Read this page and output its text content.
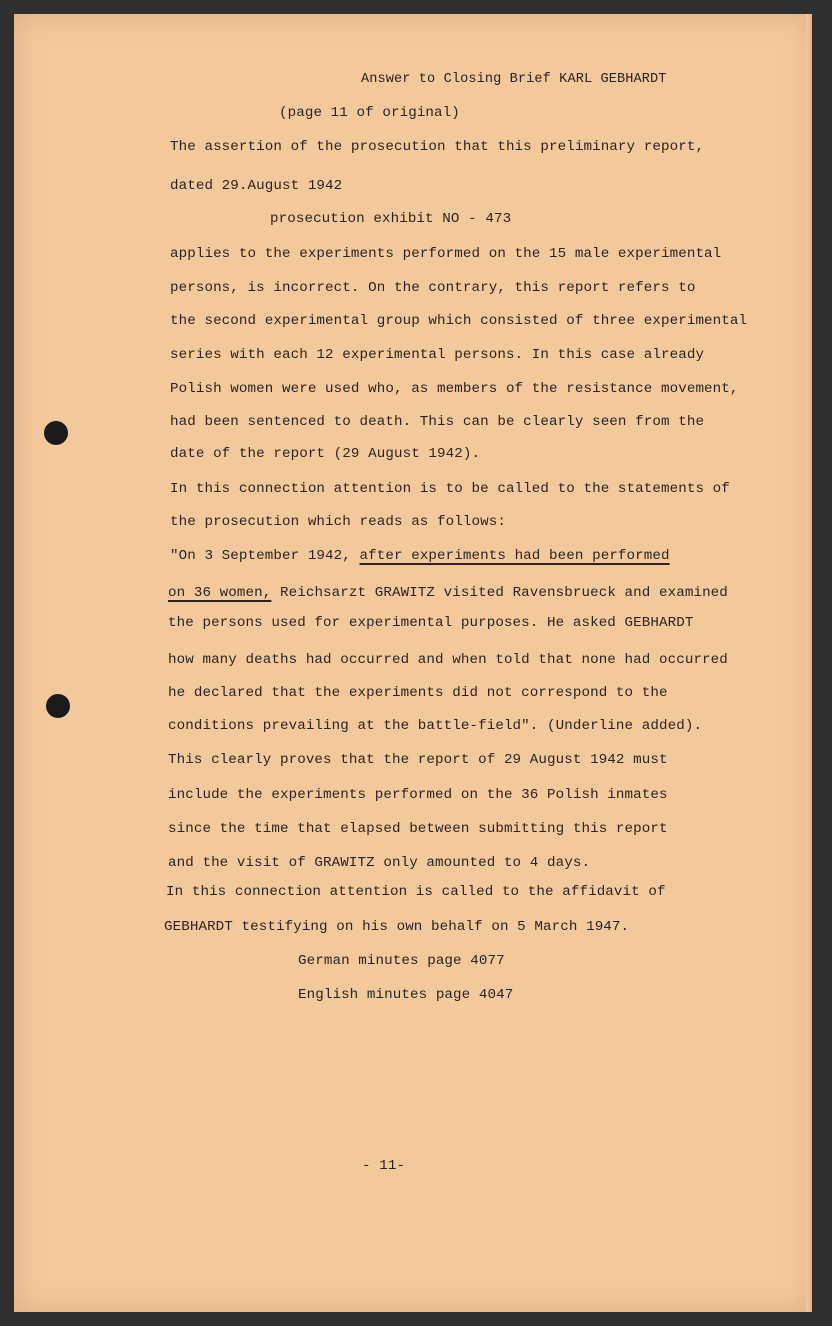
Answer to Closing Brief KARL GEBHARDT
(page 11 of original)
The assertion of the prosecution that this preliminary report,
dated 29.August 1942
prosecution exhibit NO - 473
applies to the experiments performed on the 15 male experimental
persons, is incorrect. On the contrary, this report refers to
the second experimental group which consisted of three experimental
series with each 12 experimental persons. In this case already
Polish women were used who, as members of the resistance movement,
had been sentenced to death. This can be clearly seen from the
date of the report (29 August 1942).
In this connection attention is to be called to the statements of
the prosecution which reads as follows:
"On 3 September 1942, after experiments had been performed
on 36 women, Reichsarzt GRAWITZ visited Ravensbrueck and examined
the persons used for experimental purposes. He asked GEBHARDT
how many deaths had occurred and when told that none had occurred
he declared that the experiments did not correspond to the
conditions prevailing at the battle-field". (Underline added).
This clearly proves that the report of 29 August 1942 must
include the experiments performed on the 36 Polish inmates
since the time that elapsed between submitting this report
and the visit of GRAWITZ only amounted to 4 days.
In this connection attention is called to the affidavit of
GEBHARDT testifying on his own behalf on 5 March 1947.
German minutes page 4077
English minutes page 4047
- 11-
